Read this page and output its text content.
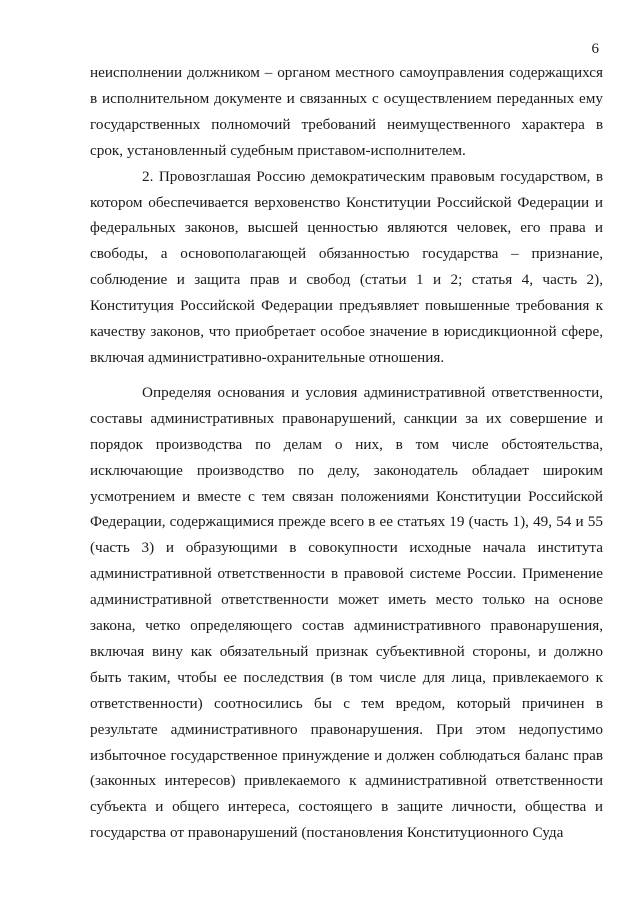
6

неисполнении должником – органом местного самоуправления содержащихся в исполнительном документе и связанных с осуществлением переданных ему государственных полномочий требований неимущественного характера в срок, установленный судебным приставом-исполнителем.

2. Провозглашая Россию демократическим правовым государством, в котором обеспечивается верховенство Конституции Российской Федерации и федеральных законов, высшей ценностью являются человек, его права и свободы, а основополагающей обязанностью государства – признание, соблюдение и защита прав и свобод (статьи 1 и 2; статья 4, часть 2), Конституция Российской Федерации предъявляет повышенные требования к качеству законов, что приобретает особое значение в юрисдикционной сфере, включая административно-охранительные отношения.

Определяя основания и условия административной ответственности, составы административных правонарушений, санкции за их совершение и порядок производства по делам о них, в том числе обстоятельства, исключающие производство по делу, законодатель обладает широким усмотрением и вместе с тем связан положениями Конституции Российской Федерации, содержащимися прежде всего в ее статьях 19 (часть 1), 49, 54 и 55 (часть 3) и образующими в совокупности исходные начала института административной ответственности в правовой системе России. Применение административной ответственности может иметь место только на основе закона, четко определяющего состав административного правонарушения, включая вину как обязательный признак субъективной стороны, и должно быть таким, чтобы ее последствия (в том числе для лица, привлекаемого к ответственности) соотносились бы с тем вредом, который причинен в результате административного правонарушения. При этом недопустимо избыточное государственное принуждение и должен соблюдаться баланс прав (законных интересов) привлекаемого к административной ответственности субъекта и общего интереса, состоящего в защите личности, общества и государства от правонарушений (постановления Конституционного Суда
